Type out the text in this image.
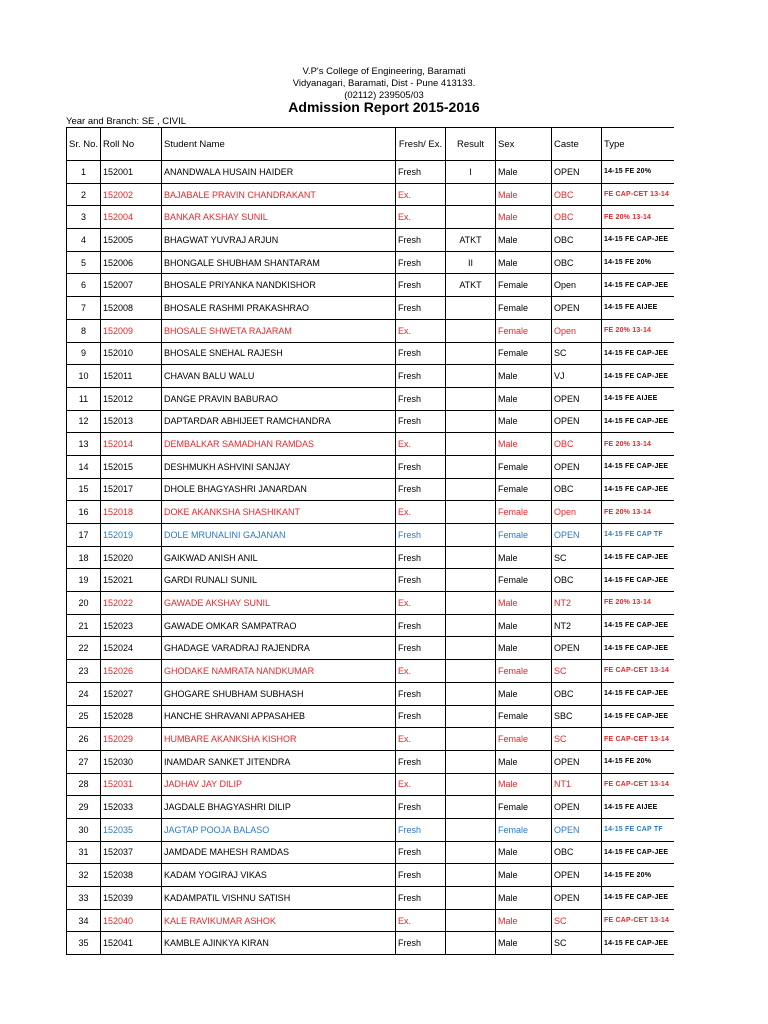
V.P's College of Engineering, Baramati
Vidyanagari, Baramati, Dist - Pune 413133.
(02112) 239505/03
Admission Report 2015-2016
Year and Branch: SE , CIVIL
Sr. No.	Roll No	Student Name	Fresh/ Ex.	Result	Sex	Caste	Type
1	152001	ANANDWALA HUSAIN HAIDER	Fresh	I	Male	OPEN	14-15 FE 20%
2	152002	BAJABALE PRAVIN CHANDRAKANT	Ex.		Male	OBC	FE CAP-CET 13-14
3	152004	BANKAR AKSHAY SUNIL	Ex.		Male	OBC	FE 20% 13-14
4	152005	BHAGWAT YUVRAJ ARJUN	Fresh	ATKT	Male	OBC	14-15 FE CAP-JEE
5	152006	BHONGALE SHUBHAM SHANTARAM	Fresh	II	Male	OBC	14-15 FE 20%
6	152007	BHOSALE PRIYANKA NANDKISHOR	Fresh	ATKT	Female	Open	14-15 FE CAP-JEE
7	152008	BHOSALE RASHMI PRAKASHRAO	Fresh		Female	OPEN	14-15 FE AIJEE
8	152009	BHOSALE SHWETA RAJARAM	Ex.		Female	Open	FE 20% 13-14
9	152010	BHOSALE SNEHAL RAJESH	Fresh		Female	SC	14-15 FE CAP-JEE
10	152011	CHAVAN BALU WALU	Fresh		Male	VJ	14-15 FE CAP-JEE
11	152012	DANGE PRAVIN BABURAO	Fresh		Male	OPEN	14-15 FE AIJEE
12	152013	DAPTARDAR ABHIJEET RAMCHANDRA	Fresh		Male	OPEN	14-15 FE CAP-JEE
13	152014	DEMBALKAR SAMADHAN RAMDAS	Ex.		Male	OBC	FE 20% 13-14
14	152015	DESHMUKH ASHVINI SANJAY	Fresh		Female	OPEN	14-15 FE CAP-JEE
15	152017	DHOLE BHAGYASHRI JANARDAN	Fresh		Female	OBC	14-15 FE CAP-JEE
16	152018	DOKE AKANKSHA SHASHIKANT	Ex.		Female	Open	FE 20% 13-14
17	152019	DOLE MRUNALINI GAJANAN	Fresh		Female	OPEN	14-15 FE CAP TF
18	152020	GAIKWAD ANISH ANIL	Fresh		Male	SC	14-15 FE CAP-JEE
19	152021	GARDI RUNALI SUNIL	Fresh		Female	OBC	14-15 FE CAP-JEE
20	152022	GAWADE AKSHAY SUNIL	Ex.		Male	NT2	FE 20% 13-14
21	152023	GAWADE OMKAR SAMPATRAO	Fresh		Male	NT2	14-15 FE CAP-JEE
22	152024	GHADAGE VARADRAJ RAJENDRA	Fresh		Male	OPEN	14-15 FE CAP-JEE
23	152026	GHODAKE NAMRATA NANDKUMAR	Ex.		Female	SC	FE CAP-CET 13-14
24	152027	GHOGARE SHUBHAM SUBHASH	Fresh		Male	OBC	14-15 FE CAP-JEE
25	152028	HANCHE SHRAVANI APPASAHEB	Fresh		Female	SBC	14-15 FE CAP-JEE
26	152029	HUMBARE AKANKSHA KISHOR	Ex.		Female	SC	FE CAP-CET 13-14
27	152030	INAMDAR SANKET JITENDRA	Fresh		Male	OPEN	14-15 FE 20%
28	152031	JADHAV JAY DILIP	Ex.		Male	NT1	FE CAP-CET 13-14
29	152033	JAGDALE BHAGYASHRI DILIP	Fresh		Female	OPEN	14-15 FE AIJEE
30	152035	JAGTAP POOJA BALASO	Fresh		Female	OPEN	14-15 FE CAP TF
31	152037	JAMDADE MAHESH RAMDAS	Fresh		Male	OBC	14-15 FE CAP-JEE
32	152038	KADAM YOGIRAJ VIKAS	Fresh		Male	OPEN	14-15 FE 20%
33	152039	KADAMPATIL VISHNU SATISH	Fresh		Male	OPEN	14-15 FE CAP-JEE
34	152040	KALE RAVIKUMAR ASHOK	Ex.		Male	SC	FE CAP-CET 13-14
35	152041	KAMBLE AJINKYA KIRAN	Fresh		Male	SC	14-15 FE CAP-JEE
